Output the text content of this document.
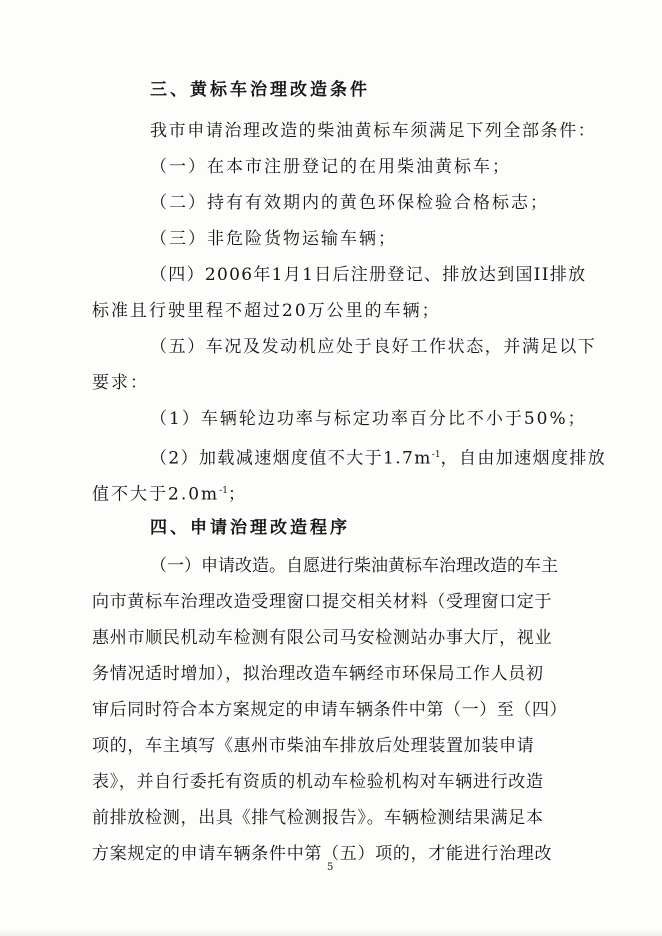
三、黄标车治理改造条件
我市申请治理改造的柴油黄标车须满足下列全部条件：
（一）在本市注册登记的在用柴油黄标车；
（二）持有有效期内的黄色环保检验合格标志；
（三）非危险货物运输车辆；
（四）2006年1月1日后注册登记、排放达到国II排放
标准且行驶里程不超过20万公里的车辆；
（五）车况及发动机应处于良好工作状态，并满足以下
要求：
（1）车辆轮边功率与标定功率百分比不小于50%；
（2）加载减速烟度值不大于$1.7m^{-1}$，自由加速烟度排放
值不大于$2.0m^{-1}$；
四、申请治理改造程序
（一）申请改造。自愿进行柴油黄标车治理改造的车主
向市黄标车治理改造受理窗口提交相关材料（受理窗口定于
惠州市顺民机动车检测有限公司马安检测站办事大厅，视业
务情况适时增加），拟治理改造车辆经市环保局工作人员初
审后同时符合本方案规定的申请车辆条件中第（一）至（四）
项的，车主填写《惠州市柴油车排放后处理装置加装申请
表》，并自行委托有资质的机动车检验机构对车辆进行改造
前排放检测，出具《排气检测报告》。车辆检测结果满足本
方案规定的申请车辆条件中第（五）项的，才能进行治理改
5
